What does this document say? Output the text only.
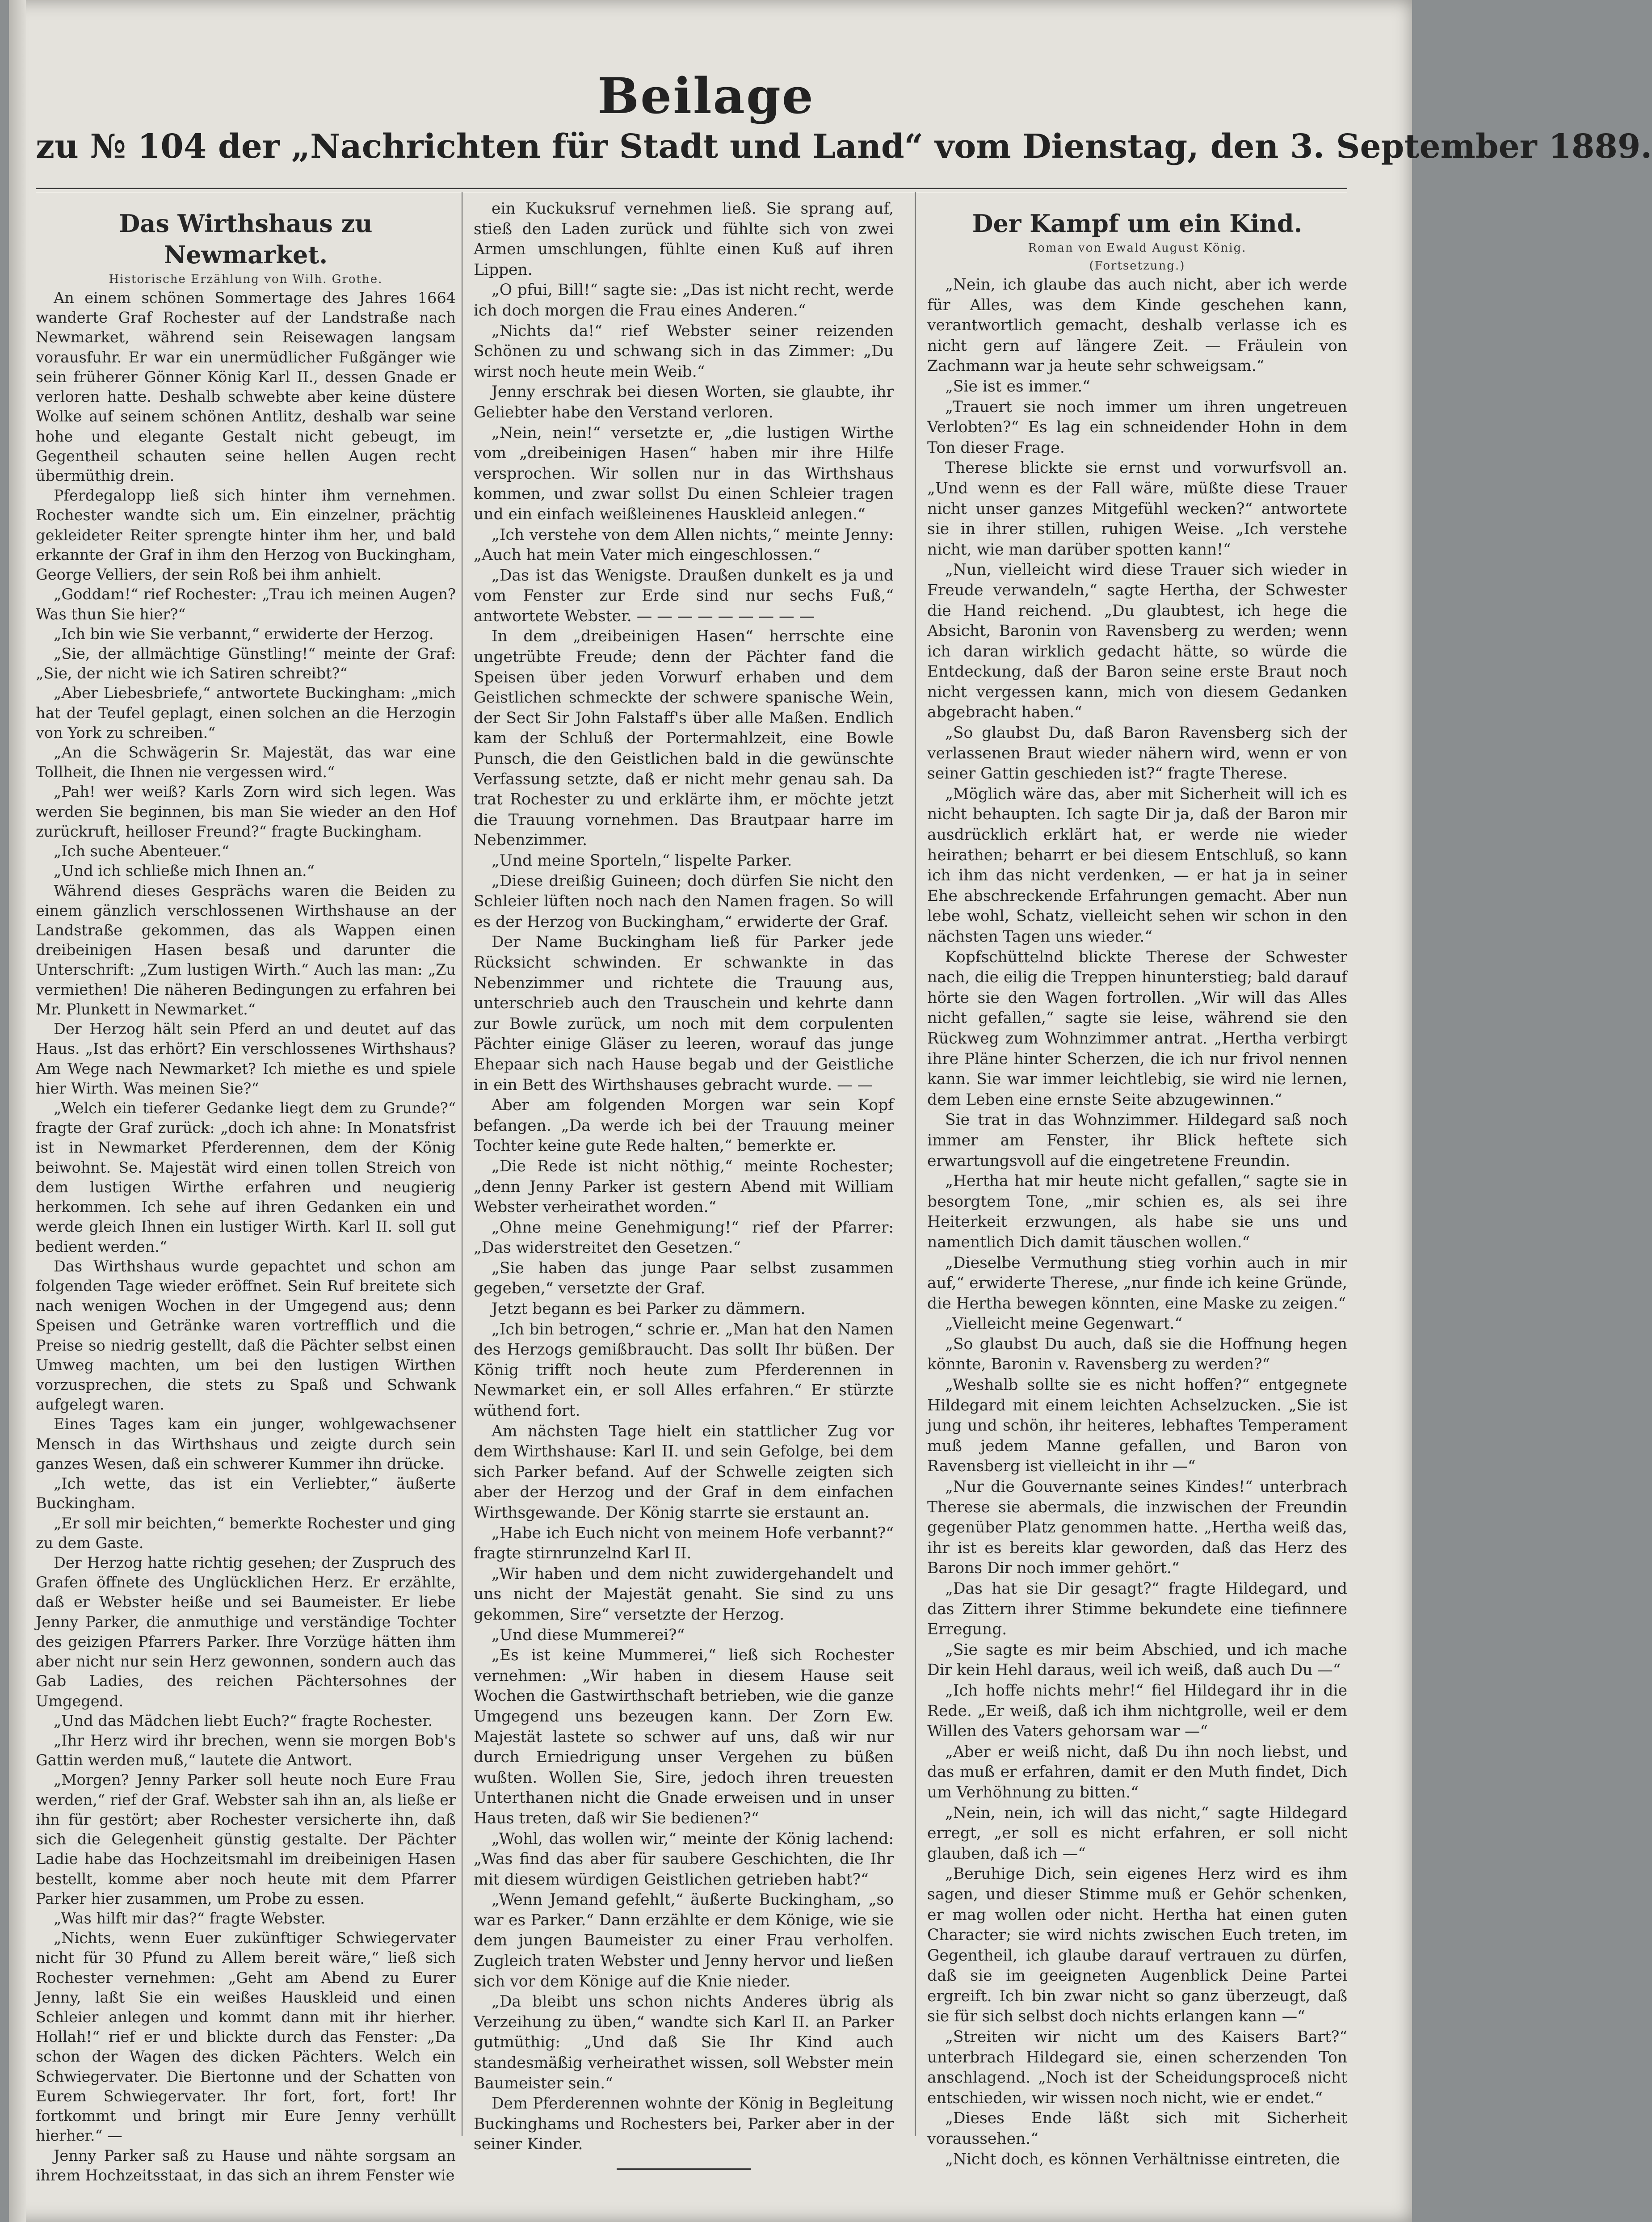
Beilage
zu № 104 der „Nachrichten für Stadt und Land“ vom Dienstag, den 3. September 1889.
Das Wirthshaus zu Newmarket.
Historische Erzählung von Wilh. Grothe.

An einem schönen Sommertage des Jahres 1664 wanderte Graf Rochester auf der Landstraße nach Newmarket, während sein Reisewagen langsam vorausfuhr. Er war ein unermüdlicher Fußgänger wie sein früherer Gönner König Karl II., dessen Gnade er verloren hatte. Deshalb schwebte aber keine düstere Wolke auf seinem schönen Antlitz, deshalb war seine hohe und elegante Gestalt nicht gebeugt, im Gegentheil schauten seine hellen Augen recht übermüthig drein.

Pferdegalopp ließ sich hinter ihm vernehmen. Rochester wandte sich um. Ein einzelner, prächtig gekleideter Reiter sprengte hinter ihm her, und bald erkannte der Graf in ihm den Herzog von Buckingham, George Velliers, der sein Roß bei ihm anhielt.

„Goddam!“ rief Rochester: „Trau ich meinen Augen? Was thun Sie hier?“

„Ich bin wie Sie verbannt,“ erwiderte der Herzog.

„Sie, der allmächtige Günstling!“ meinte der Graf: „Sie, der nicht wie ich Satiren schreibt?“

„Aber Liebesbriefe,“ antwortete Buckingham: „mich hat der Teufel geplagt, einen solchen an die Herzogin von York zu schreiben.“

„An die Schwägerin Sr. Majestät, das war eine Tollheit, die Ihnen nie vergessen wird.“

„Pah! wer weiß? Karls Zorn wird sich legen. Was werden Sie beginnen, bis man Sie wieder an den Hof zurückruft, heilloser Freund?“ fragte Buckingham.

„Ich suche Abenteuer.“

„Und ich schließe mich Ihnen an.“

Während dieses Gesprächs waren die Beiden zu einem gänzlich verschlossenen Wirthshause an der Landstraße gekommen, das als Wappen einen dreibeinigen Hasen besaß und darunter die Unterschrift: „Zum lustigen Wirth.“ Auch las man: „Zu vermiethen! Die näheren Bedingungen zu erfahren bei Mr. Plunkett in Newmarket.“

Der Herzog hält sein Pferd an und deutet auf das Haus. „Ist das erhört? Ein verschlossenes Wirthshaus? Am Wege nach Newmarket? Ich miethe es und spiele hier Wirth. Was meinen Sie?“

„Welch ein tieferer Gedanke liegt dem zu Grunde?“ fragte der Graf zurück: „doch ich ahne: In Monatsfrist ist in Newmarket Pferderennen, dem der König beiwohnt. Se. Majestät wird einen tollen Streich von dem lustigen Wirthe erfahren und neugierig herkommen. Ich sehe auf ihren Gedanken ein und werde gleich Ihnen ein lustiger Wirth. Karl II. soll gut bedient werden.“

Das Wirthshaus wurde gepachtet und schon am folgenden Tage wieder eröffnet. Sein Ruf breitete sich nach wenigen Wochen in der Umgegend aus; denn Speisen und Getränke waren vortrefflich und die Preise so niedrig gestellt, daß die Pächter selbst einen Umweg machten, um bei den lustigen Wirthen vorzusprechen, die stets zu Spaß und Schwank aufgelegt waren.

Eines Tages kam ein junger, wohlgewachsener Mensch in das Wirthshaus und zeigte durch sein ganzes Wesen, daß ein schwerer Kummer ihn drücke.

„Ich wette, das ist ein Verliebter,“ äußerte Buckingham.

„Er soll mir beichten,“ bemerkte Rochester und ging zu dem Gaste.

Der Herzog hatte richtig gesehen; der Zuspruch des Grafen öffnete des Unglücklichen Herz. Er erzählte, daß er Webster heiße und sei Baumeister. Er liebe Jenny Parker, die anmuthige und verständige Tochter des geizigen Pfarrers Parker. Ihre Vorzüge hätten ihm aber nicht nur sein Herz gewonnen, sondern auch das Gab Ladies, des reichen Pächtersohnes der Umgegend.

„Und das Mädchen liebt Euch?“ fragte Rochester.

„Ihr Herz wird ihr brechen, wenn sie morgen Bob's Gattin werden muß,“ lautete die Antwort.

„Morgen? Jenny Parker soll heute noch Eure Frau werden,“ rief der Graf. Webster sah ihn an, als ließe er ihn für gestört; aber Rochester versicherte ihn, daß sich die Gelegenheit günstig gestalte. Der Pächter Ladie habe das Hochzeitsmahl im dreibeinigen Hasen bestellt, komme aber noch heute mit dem Pfarrer Parker hier zusammen, um Probe zu essen.

„Was hilft mir das?“ fragte Webster.

„Nichts, wenn Euer zukünftiger Schwiegervater nicht für 30 Pfund zu Allem bereit wäre,“ ließ sich Rochester vernehmen: „Geht am Abend zu Eurer Jenny, laßt Sie ein weißes Hauskleid und einen Schleier anlegen und kommt dann mit ihr hierher. Hollah!“ rief er und blickte durch das Fenster: „Da schon der Wagen des dicken Pächters. Welch ein Schwiegervater. Die Biertonne und der Schatten von Eurem Schwiegervater. Ihr fort, fort, fort! Ihr fortkommt und bringt mir Eure Jenny verhüllt hierher.“ —

Jenny Parker saß zu Hause und nähte sorgsam an ihrem Hochzeitsstaat, in das sich an ihrem Fenster wie

ein Kuckuksruf vernehmen ließ. Sie sprang auf, stieß den Laden zurück und fühlte sich von zwei Armen umschlungen, fühlte einen Kuß auf ihren Lippen.

„O pfui, Bill!“ sagte sie: „Das ist nicht recht, werde ich doch morgen die Frau eines Anderen.“

„Nichts da!“ rief Webster seiner reizenden Schönen zu und schwang sich in das Zimmer: „Du wirst noch heute mein Weib.“

Jenny erschrak bei diesen Worten, sie glaubte, ihr Geliebter habe den Verstand verloren.

„Nein, nein!“ versetzte er, „die lustigen Wirthe vom „dreibeinigen Hasen“ haben mir ihre Hilfe versprochen. Wir sollen nur in das Wirthshaus kommen, und zwar sollst Du einen Schleier tragen und ein einfach weißleinenes Hauskleid anlegen.“

„Ich verstehe von dem Allen nichts,“ meinte Jenny: „Auch hat mein Vater mich eingeschlossen.“

„Das ist das Wenigste. Draußen dunkelt es ja und vom Fenster zur Erde sind nur sechs Fuß,“ antwortete Webster. — — — — — — — — —

In dem „dreibeinigen Hasen“ herrschte eine ungetrübte Freude; denn der Pächter fand die Speisen über jeden Vorwurf erhaben und dem Geistlichen schmeckte der schwere spanische Wein, der Sect Sir John Falstaff's über alle Maßen. Endlich kam der Schluß der Portermahlzeit, eine Bowle Punsch, die den Geistlichen bald in die gewünschte Verfassung setzte, daß er nicht mehr genau sah. Da trat Rochester zu und erklärte ihm, er möchte jetzt die Trauung vornehmen. Das Brautpaar harre im Nebenzimmer.

„Und meine Sporteln,“ lispelte Parker.

„Diese dreißig Guineen; doch dürfen Sie nicht den Schleier lüften noch nach den Namen fragen. So will es der Herzog von Buckingham,“ erwiderte der Graf.

Der Name Buckingham ließ für Parker jede Rücksicht schwinden. Er schwankte in das Nebenzimmer und richtete die Trauung aus, unterschrieb auch den Trauschein und kehrte dann zur Bowle zurück, um noch mit dem corpulenten Pächter einige Gläser zu leeren, worauf das junge Ehepaar sich nach Hause begab und der Geistliche in ein Bett des Wirthshauses gebracht wurde. — —

Aber am folgenden Morgen war sein Kopf befangen. „Da werde ich bei der Trauung meiner Tochter keine gute Rede halten,“ bemerkte er.

„Die Rede ist nicht nöthig,“ meinte Rochester; „denn Jenny Parker ist gestern Abend mit William Webster verheirathet worden.“

„Ohne meine Genehmigung!“ rief der Pfarrer: „Das widerstreitet den Gesetzen.“

„Sie haben das junge Paar selbst zusammen gegeben,“ versetzte der Graf.

Jetzt begann es bei Parker zu dämmern.

„Ich bin betrogen,“ schrie er. „Man hat den Namen des Herzogs gemißbraucht. Das sollt Ihr büßen. Der König trifft noch heute zum Pferderennen in Newmarket ein, er soll Alles erfahren.“ Er stürzte wüthend fort.

Am nächsten Tage hielt ein stattlicher Zug vor dem Wirthshause: Karl II. und sein Gefolge, bei dem sich Parker befand. Auf der Schwelle zeigten sich aber der Herzog und der Graf in dem einfachen Wirthsgewande. Der König starrte sie erstaunt an.

„Habe ich Euch nicht von meinem Hofe verbannt?“ fragte stirnrunzelnd Karl II.

„Wir haben und dem nicht zuwidergehandelt und uns nicht der Majestät genaht. Sie sind zu uns gekommen, Sire“ versetzte der Herzog.

„Und diese Mummerei?“

„Es ist keine Mummerei,“ ließ sich Rochester vernehmen: „Wir haben in diesem Hause seit Wochen die Gastwirthschaft betrieben, wie die ganze Umgegend uns bezeugen kann. Der Zorn Ew. Majestät lastete so schwer auf uns, daß wir nur durch Erniedrigung unser Vergehen zu büßen wußten. Wollen Sie, Sire, jedoch ihren treuesten Unterthanen nicht die Gnade erweisen und in unser Haus treten, daß wir Sie bedienen?“

„Wohl, das wollen wir,“ meinte der König lachend: „Was find das aber für saubere Geschichten, die Ihr mit diesem würdigen Geistlichen getrieben habt?“

„Wenn Jemand gefehlt,“ äußerte Buckingham, „so war es Parker.“ Dann erzählte er dem Könige, wie sie dem jungen Baumeister zu einer Frau verholfen. Zugleich traten Webster und Jenny hervor und ließen sich vor dem Könige auf die Knie nieder.

„Da bleibt uns schon nichts Anderes übrig als Verzeihung zu üben,“ wandte sich Karl II. an Parker gutmüthig: „Und daß Sie Ihr Kind auch standesmäßig verheirathet wissen, soll Webster mein Baumeister sein.“

Dem Pferderennen wohnte der König in Begleitung Buckinghams und Rochesters bei, Parker aber in der seiner Kinder.

Der Kampf um ein Kind.
Roman von Ewald August König.
(Fortsetzung.)

„Nein, ich glaube das auch nicht, aber ich werde für Alles, was dem Kinde geschehen kann, verantwortlich gemacht, deshalb verlasse ich es nicht gern auf längere Zeit. — Fräulein von Zachmann war ja heute sehr schweigsam.“

„Sie ist es immer.“

„Trauert sie noch immer um ihren ungetreuen Verlobten?“ Es lag ein schneidender Hohn in dem Ton dieser Frage.

Therese blickte sie ernst und vorwurfsvoll an. „Und wenn es der Fall wäre, müßte diese Trauer nicht unser ganzes Mitgefühl wecken?“ antwortete sie in ihrer stillen, ruhigen Weise. „Ich verstehe nicht, wie man darüber spotten kann!“

„Nun, vielleicht wird diese Trauer sich wieder in Freude verwandeln,“ sagte Hertha, der Schwester die Hand reichend. „Du glaubtest, ich hege die Absicht, Baronin von Ravensberg zu werden; wenn ich daran wirklich gedacht hätte, so würde die Entdeckung, daß der Baron seine erste Braut noch nicht vergessen kann, mich von diesem Gedanken abgebracht haben.“

„So glaubst Du, daß Baron Ravensberg sich der verlassenen Braut wieder nähern wird, wenn er von seiner Gattin geschieden ist?“ fragte Therese.

„Möglich wäre das, aber mit Sicherheit will ich es nicht behaupten. Ich sagte Dir ja, daß der Baron mir ausdrücklich erklärt hat, er werde nie wieder heirathen; beharrt er bei diesem Entschluß, so kann ich ihm das nicht verdenken, — er hat ja in seiner Ehe abschreckende Erfahrungen gemacht. Aber nun lebe wohl, Schatz, vielleicht sehen wir schon in den nächsten Tagen uns wieder.“

Kopfschüttelnd blickte Therese der Schwester nach, die eilig die Treppen hinunterstieg; bald darauf hörte sie den Wagen fortrollen. „Wir will das Alles nicht gefallen,“ sagte sie leise, während sie den Rückweg zum Wohnzimmer antrat. „Hertha verbirgt ihre Pläne hinter Scherzen, die ich nur frivol nennen kann. Sie war immer leichtlebig, sie wird nie lernen, dem Leben eine ernste Seite abzugewinnen.“

Sie trat in das Wohnzimmer. Hildegard saß noch immer am Fenster, ihr Blick heftete sich erwartungsvoll auf die eingetretene Freundin.

„Hertha hat mir heute nicht gefallen,“ sagte sie in besorgtem Tone, „mir schien es, als sei ihre Heiterkeit erzwungen, als habe sie uns und namentlich Dich damit täuschen wollen.“

„Dieselbe Vermuthung stieg vorhin auch in mir auf,“ erwiderte Therese, „nur finde ich keine Gründe, die Hertha bewegen könnten, eine Maske zu zeigen.“

„Vielleicht meine Gegenwart.“

„So glaubst Du auch, daß sie die Hoffnung hegen könnte, Baronin v. Ravensberg zu werden?“

„Weshalb sollte sie es nicht hoffen?“ entgegnete Hildegard mit einem leichten Achselzucken. „Sie ist jung und schön, ihr heiteres, lebhaftes Temperament muß jedem Manne gefallen, und Baron von Ravensberg ist vielleicht in ihr —“

„Nur die Gouvernante seines Kindes!“ unterbrach Therese sie abermals, die inzwischen der Freundin gegenüber Platz genommen hatte. „Hertha weiß das, ihr ist es bereits klar geworden, daß das Herz des Barons Dir noch immer gehört.“

„Das hat sie Dir gesagt?“ fragte Hildegard, und das Zittern ihrer Stimme bekundete eine tiefinnere Erregung.

„Sie sagte es mir beim Abschied, und ich mache Dir kein Hehl daraus, weil ich weiß, daß auch Du —“

„Ich hoffe nichts mehr!“ fiel Hildegard ihr in die Rede. „Er weiß, daß ich ihm nichtgrolle, weil er dem Willen des Vaters gehorsam war —“

„Aber er weiß nicht, daß Du ihn noch liebst, und das muß er erfahren, damit er den Muth findet, Dich um Verhöhnung zu bitten.“

„Nein, nein, ich will das nicht,“ sagte Hildegard erregt, „er soll es nicht erfahren, er soll nicht glauben, daß ich —“

„Beruhige Dich, sein eigenes Herz wird es ihm sagen, und dieser Stimme muß er Gehör schenken, er mag wollen oder nicht. Hertha hat einen guten Character; sie wird nichts zwischen Euch treten, im Gegentheil, ich glaube darauf vertrauen zu dürfen, daß sie im geeigneten Augenblick Deine Partei ergreift. Ich bin zwar nicht so ganz überzeugt, daß sie für sich selbst doch nichts erlangen kann —“

„Streiten wir nicht um des Kaisers Bart?“ unterbrach Hildegard sie, einen scherzenden Ton anschlagend. „Noch ist der Scheidungsproceß nicht entschieden, wir wissen noch nicht, wie er endet.“

„Dieses Ende läßt sich mit Sicherheit voraussehen.“

„Nicht doch, es können Verhältnisse eintreten, die
